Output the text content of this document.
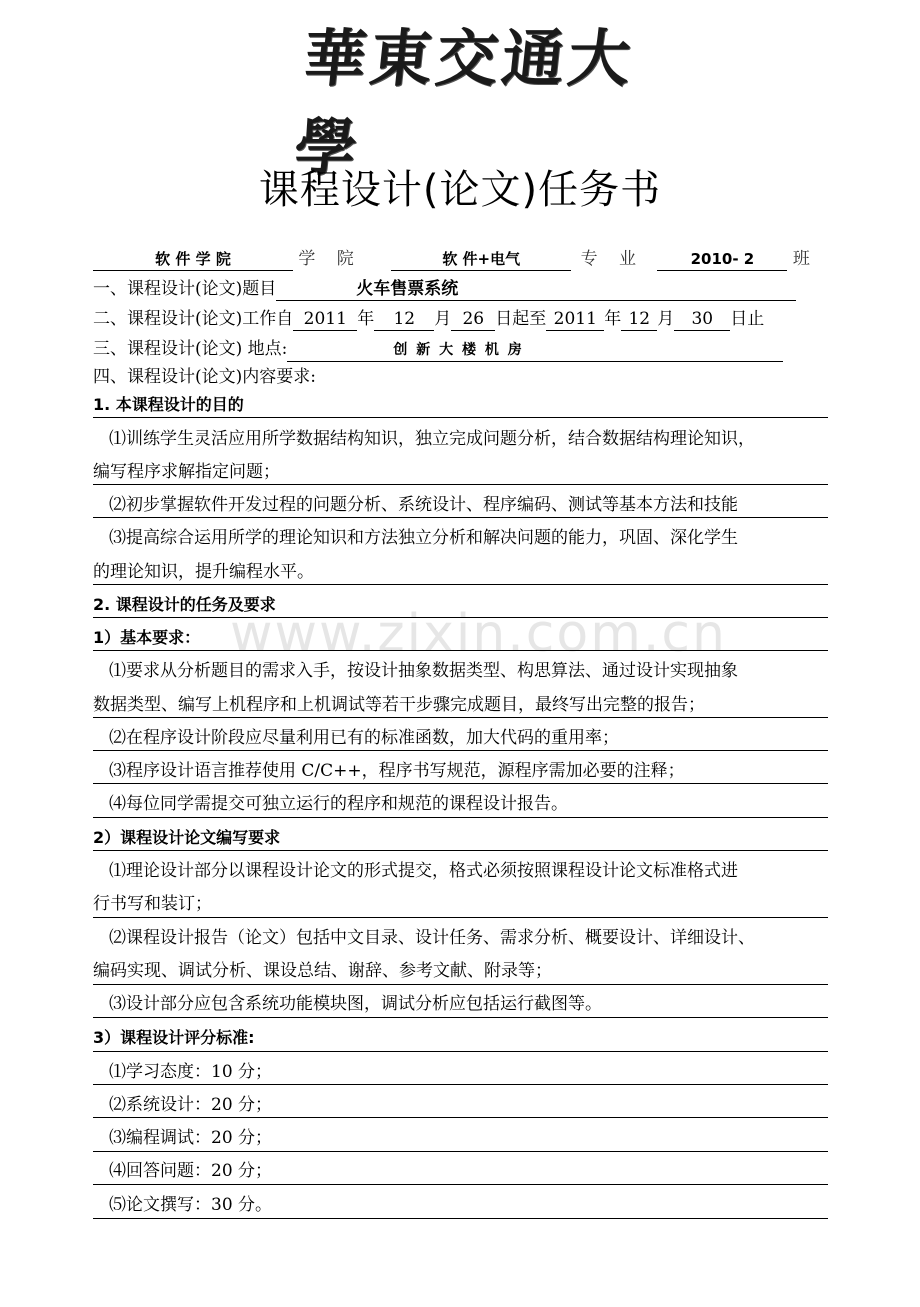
華東交通大學
课程设计(论文)任务书
www.zixin.com.cn
软 件 学 院	学 院	软 件+电气	专 业	2010- 2 班
一、课程设计(论文)题目	火车售票系统
二、课程设计(论文)工作自 2011 年 12 月 26 日起至 2011 年 12 月 30 日止
三、课程设计(论文) 地点:	创 新 大 楼 机 房
四、课程设计(论文)内容要求:
1. 本课程设计的目的
⑴训练学生灵活应用所学数据结构知识，独立完成问题分析，结合数据结构理论知识，
编写程序求解指定问题；
⑵初步掌握软件开发过程的问题分析、系统设计、程序编码、测试等基本方法和技能
⑶提高综合运用所学的理论知识和方法独立分析和解决问题的能力，巩固、深化学生
的理论知识，提升编程水平。
2. 课程设计的任务及要求
1）基本要求：
⑴要求从分析题目的需求入手，按设计抽象数据类型、构思算法、通过设计实现抽象
数据类型、编写上机程序和上机调试等若干步骤完成题目，最终写出完整的报告；
⑵在程序设计阶段应尽量利用已有的标准函数，加大代码的重用率；
⑶程序设计语言推荐使用 C/C++，程序书写规范，源程序需加必要的注释；
⑷每位同学需提交可独立运行的程序和规范的课程设计报告。
2）课程设计论文编写要求
⑴理论设计部分以课程设计论文的形式提交，格式必须按照课程设计论文标准格式进
行书写和装订；
⑵课程设计报告（论文）包括中文目录、设计任务、需求分析、概要设计、详细设计、
编码实现、调试分析、课设总结、谢辞、参考文献、附录等；
⑶设计部分应包含系统功能模块图，调试分析应包括运行截图等。
3）课程设计评分标准:
⑴学习态度：10 分；
⑵系统设计：20 分；
⑶编程调试：20 分；
⑷回答问题：20 分；
⑸论文撰写：30 分。
